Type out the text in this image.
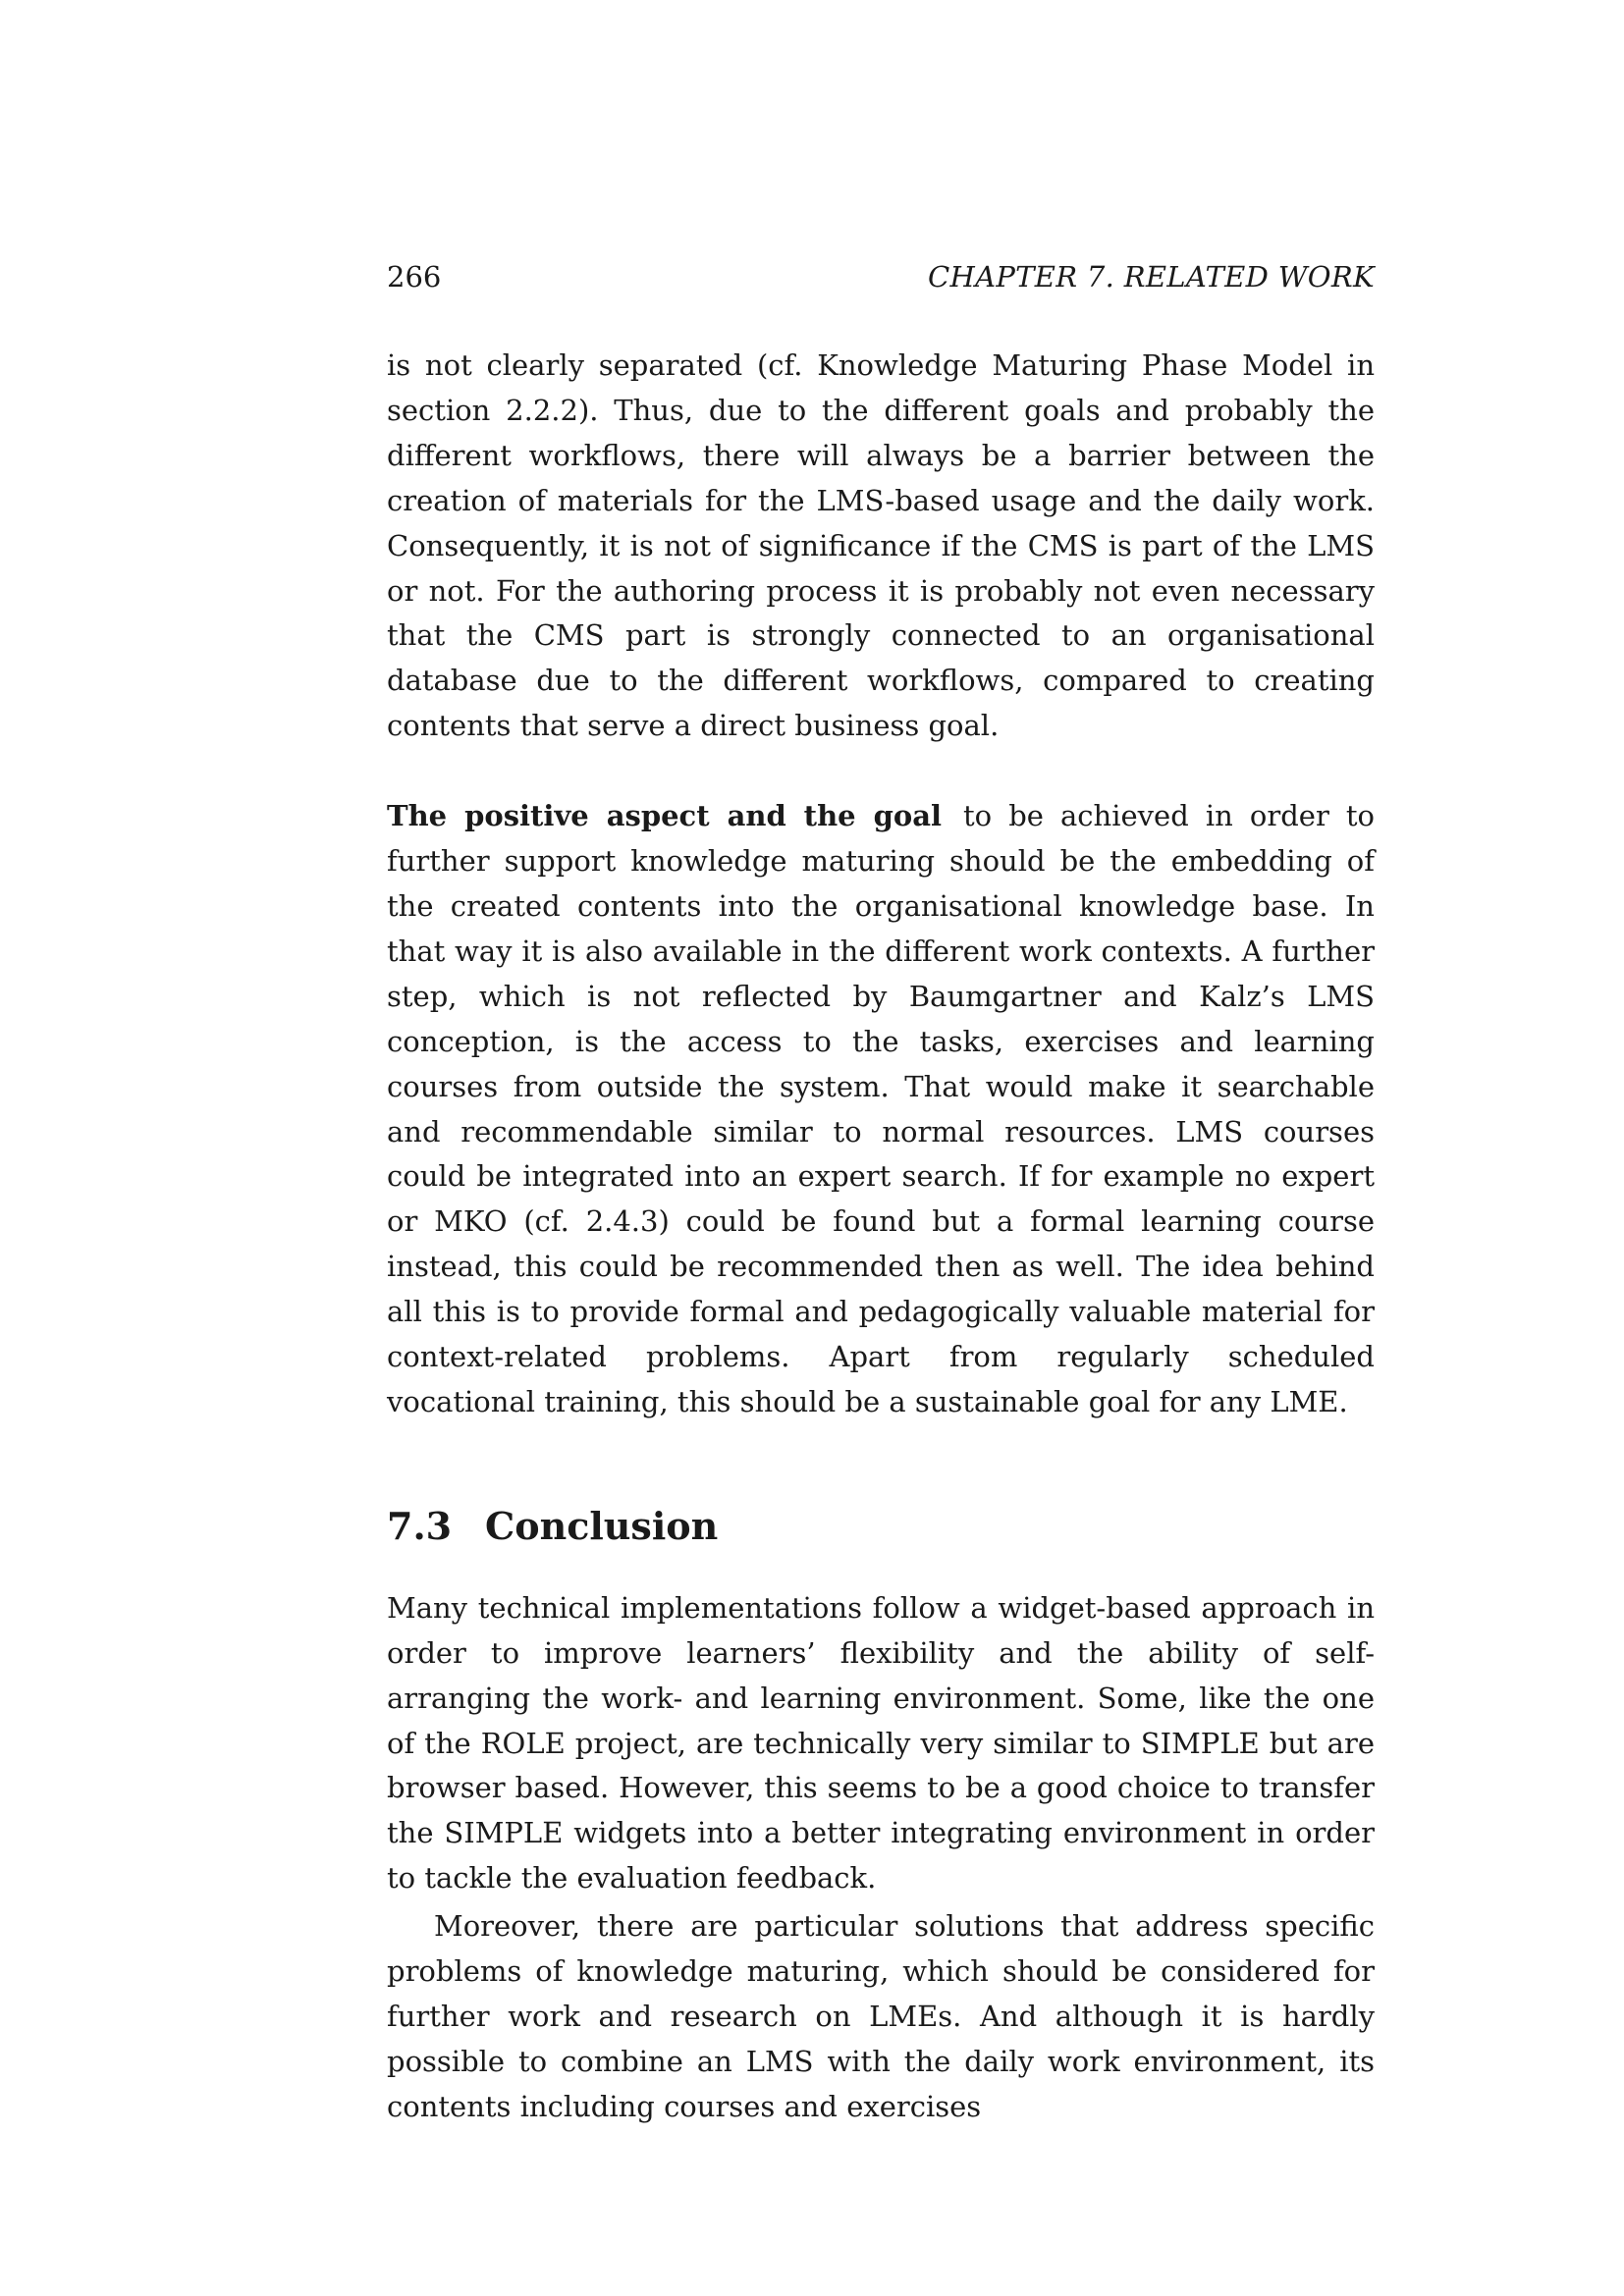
266	CHAPTER 7. RELATED WORK

is not clearly separated (cf. Knowledge Maturing Phase Model in section 2.2.2). Thus, due to the different goals and probably the different workflows, there will always be a barrier between the creation of materials for the LMS-based usage and the daily work. Consequently, it is not of significance if the CMS is part of the LMS or not. For the authoring process it is probably not even necessary that the CMS part is strongly connected to an organisational database due to the different workflows, compared to creating contents that serve a direct business goal.

The positive aspect and the goal to be achieved in order to further support knowledge maturing should be the embedding of the created contents into the organisational knowledge base. In that way it is also available in the different work contexts. A further step, which is not reflected by Baumgartner and Kalz’s LMS conception, is the access to the tasks, exercises and learning courses from outside the system. That would make it searchable and recommendable similar to normal resources. LMS courses could be integrated into an expert search. If for example no expert or MKO (cf. 2.4.3) could be found but a formal learning course instead, this could be recommended then as well. The idea behind all this is to provide formal and pedagogically valuable material for context-related problems. Apart from regularly scheduled vocational training, this should be a sustainable goal for any LME.

7.3 Conclusion

Many technical implementations follow a widget-based approach in order to improve learners’ flexibility and the ability of self-arranging the work- and learning environment. Some, like the one of the ROLE project, are technically very similar to SIMPLE but are browser based. However, this seems to be a good choice to transfer the SIMPLE widgets into a better integrating environment in order to tackle the evaluation feedback.

Moreover, there are particular solutions that address specific problems of knowledge maturing, which should be considered for further work and research on LMEs. And although it is hardly possible to combine an LMS with the daily work environment, its contents including courses and exercises
